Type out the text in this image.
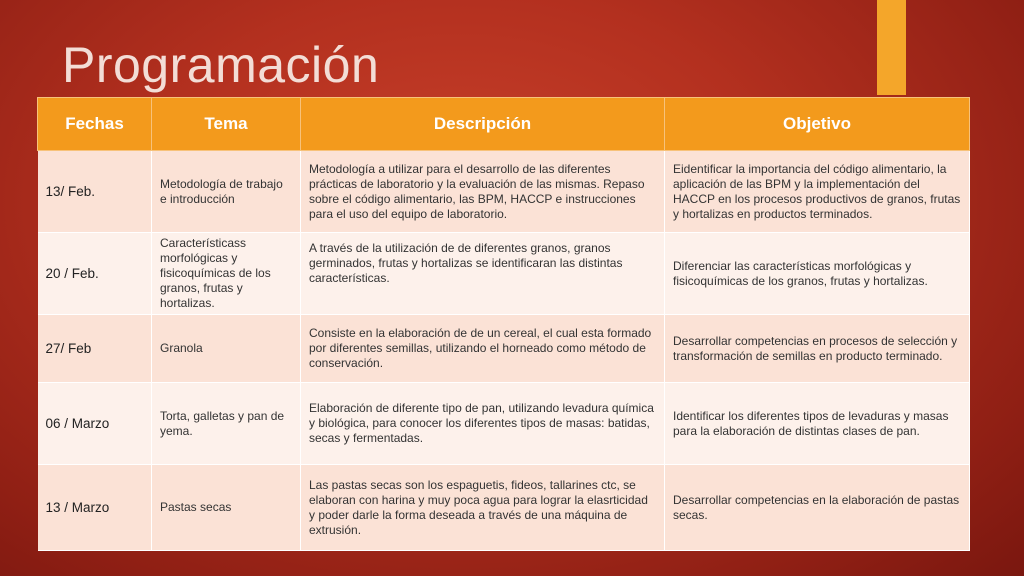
Programación
Fechas	Tema	Descripción	Objetivo
13/ Feb.	Metodología de trabajo e introducción	Metodología a utilizar para el desarrollo de las diferentes prácticas de laboratorio y la evaluación de las mismas. Repaso sobre el código alimentario, las BPM, HACCP e instrucciones para el uso del equipo de laboratorio.	Eidentificar la importancia del código alimentario, la aplicación de las BPM y la implementación del HACCP en los procesos productivos de granos, frutas y hortalizas en productos terminados.
20 / Feb.	Característicass morfológicas y fisicoquímicas de los granos, frutas y hortalizas.	A través de la utilización de de diferentes granos, granos germinados, frutas y hortalizas se identificaran las distintas características.	Diferenciar las características morfológicas y fisicoquímicas de los granos, frutas y hortalizas.
27/ Feb	Granola	Consiste en la elaboración de de un cereal, el cual esta formado por diferentes semillas, utilizando el horneado como método de conservación.	Desarrollar competencias en procesos de selección y transformación de semillas en producto terminado.
06 / Marzo	Torta, galletas y pan de yema.	Elaboración de diferente tipo de pan, utilizando levadura química y biológica, para conocer los diferentes tipos de masas: batidas, secas y fermentadas.	Identificar los diferentes tipos de levaduras y masas para la elaboración de distintas clases de pan.
13 / Marzo	Pastas secas	Las pastas secas son los espaguetis, fideos, tallarines ctc, se elaboran con harina y muy poca agua para lograr la elasrticidad y poder darle la forma deseada a través de una máquina de extrusión.	Desarrollar competencias en la elaboración de pastas secas.
